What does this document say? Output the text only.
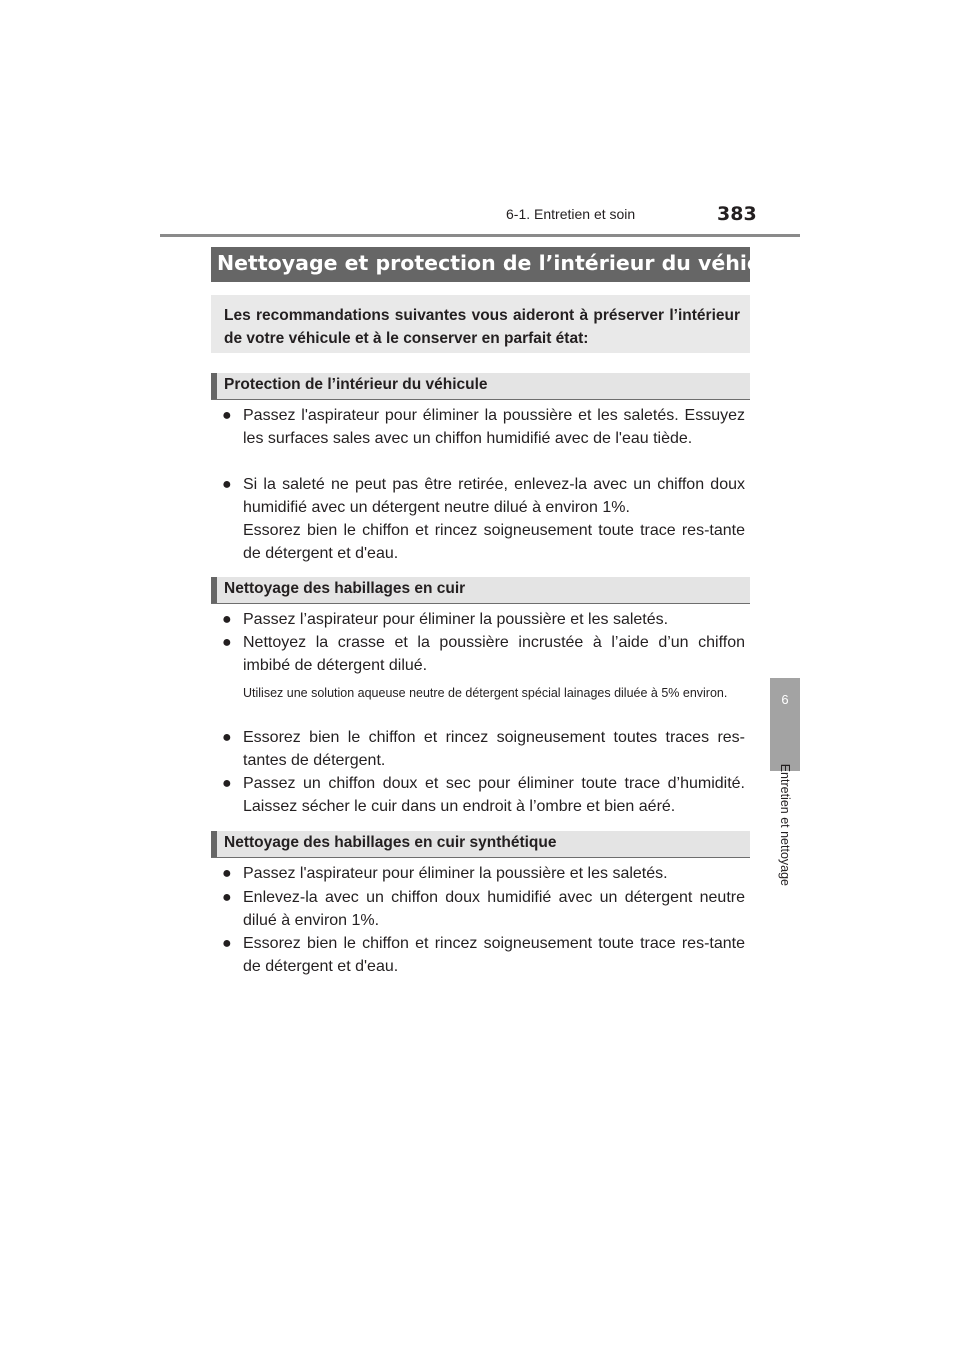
6-1. Entretien et soin	383
6
Entretien et nettoyage
Nettoyage et protection de l’intérieur du véhicule
Les recommandations suivantes vous aideront à préserver l’intérieur de votre véhicule et à le conserver en parfait état:
Protection de l’intérieur du véhicule
● Passez l'aspirateur pour éliminer la poussière et les saletés. Essuyez les surfaces sales avec un chiffon humidifié avec de l'eau tiède.
● Si la saleté ne peut pas être retirée, enlevez-la avec un chiffon doux humidifié avec un détergent neutre dilué à environ 1%.
Essorez bien le chiffon et rincez soigneusement toute trace res-tante de détergent et d'eau.
Nettoyage des habillages en cuir
● Passez l’aspirateur pour éliminer la poussière et les saletés.
● Nettoyez la crasse et la poussière incrustée à l’aide d’un chiffon imbibé de détergent dilué.
Utilisez une solution aqueuse neutre de détergent spécial lainages diluée à 5% environ.
● Essorez bien le chiffon et rincez soigneusement toutes traces res-tantes de détergent.
● Passez un chiffon doux et sec pour éliminer toute trace d’humidité. Laissez sécher le cuir dans un endroit à l’ombre et bien aéré.
Nettoyage des habillages en cuir synthétique
● Passez l'aspirateur pour éliminer la poussière et les saletés.
● Enlevez-la avec un chiffon doux humidifié avec un détergent neutre dilué à environ 1%.
● Essorez bien le chiffon et rincez soigneusement toute trace res-tante de détergent et d'eau.
